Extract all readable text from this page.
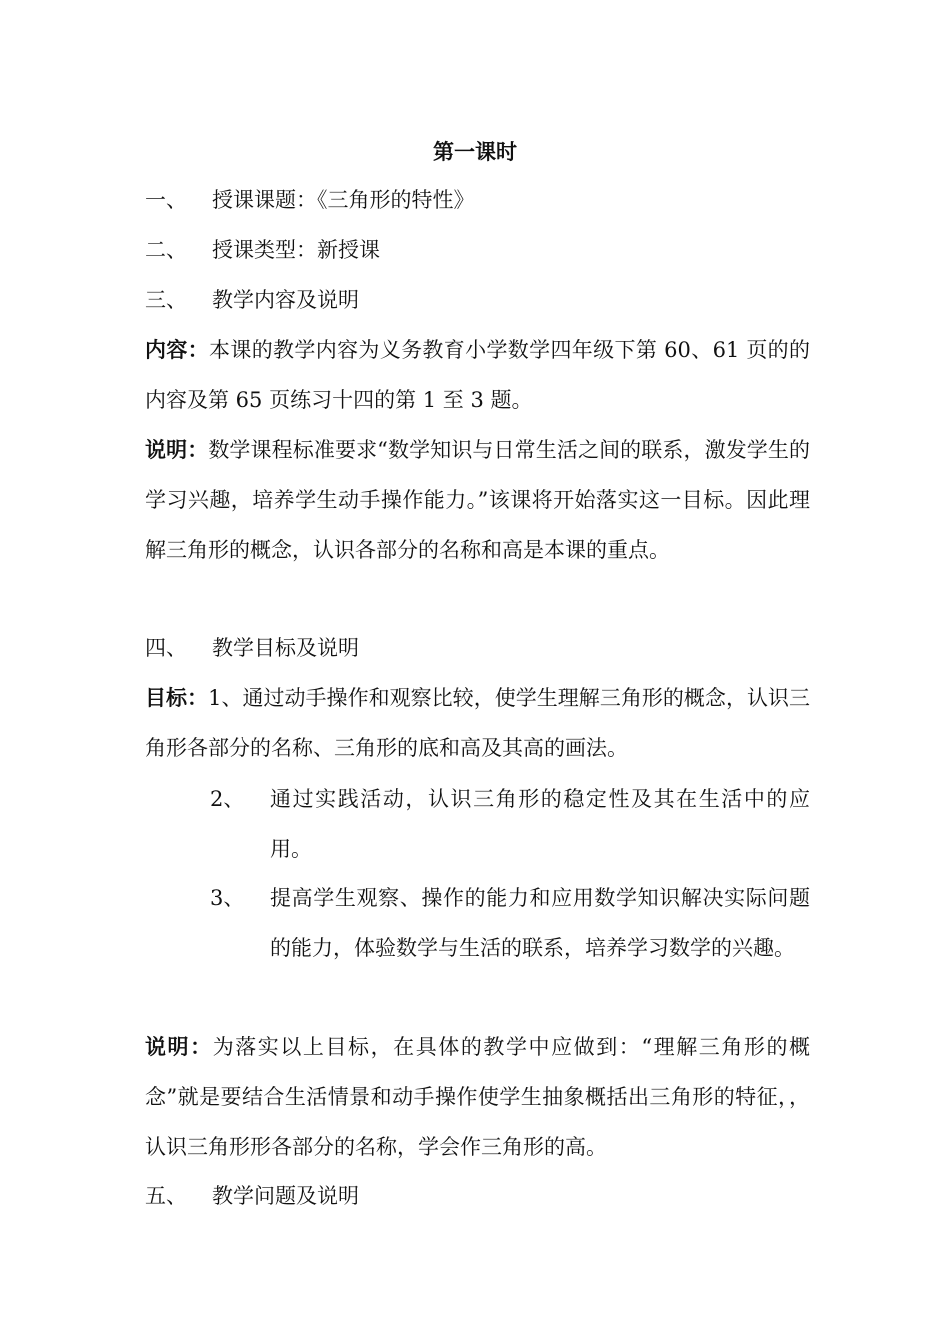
第一课时
一、 授课课题：《三角形的特性》
二、 授课类型：新授课
三、 教学内容及说明
内容：本课的教学内容为义务教育小学数学四年级下第 60、61 页的的内容及第 65 页练习十四的第 1 至 3 题。
说明：数学课程标准要求“数学知识与日常生活之间的联系，激发学生的学习兴趣，培养学生动手操作能力。”该课将开始落实这一目标。因此理解三角形的概念，认识各部分的名称和高是本课的重点。
四、 教学目标及说明
目标：1、通过动手操作和观察比较，使学生理解三角形的概念，认识三角形各部分的名称、三角形的底和高及其高的画法。
2、 通过实践活动，认识三角形的稳定性及其在生活中的应用。
3、 提高学生观察、操作的能力和应用数学知识解决实际问题的能力，体验数学与生活的联系，培养学习数学的兴趣。
说明：为落实以上目标，在具体的教学中应做到：“理解三角形的概念”就是要结合生活情景和动手操作使学生抽象概括出三角形的特征，，认识三角形形各部分的名称，学会作三角形的高。
五、 教学问题及说明
